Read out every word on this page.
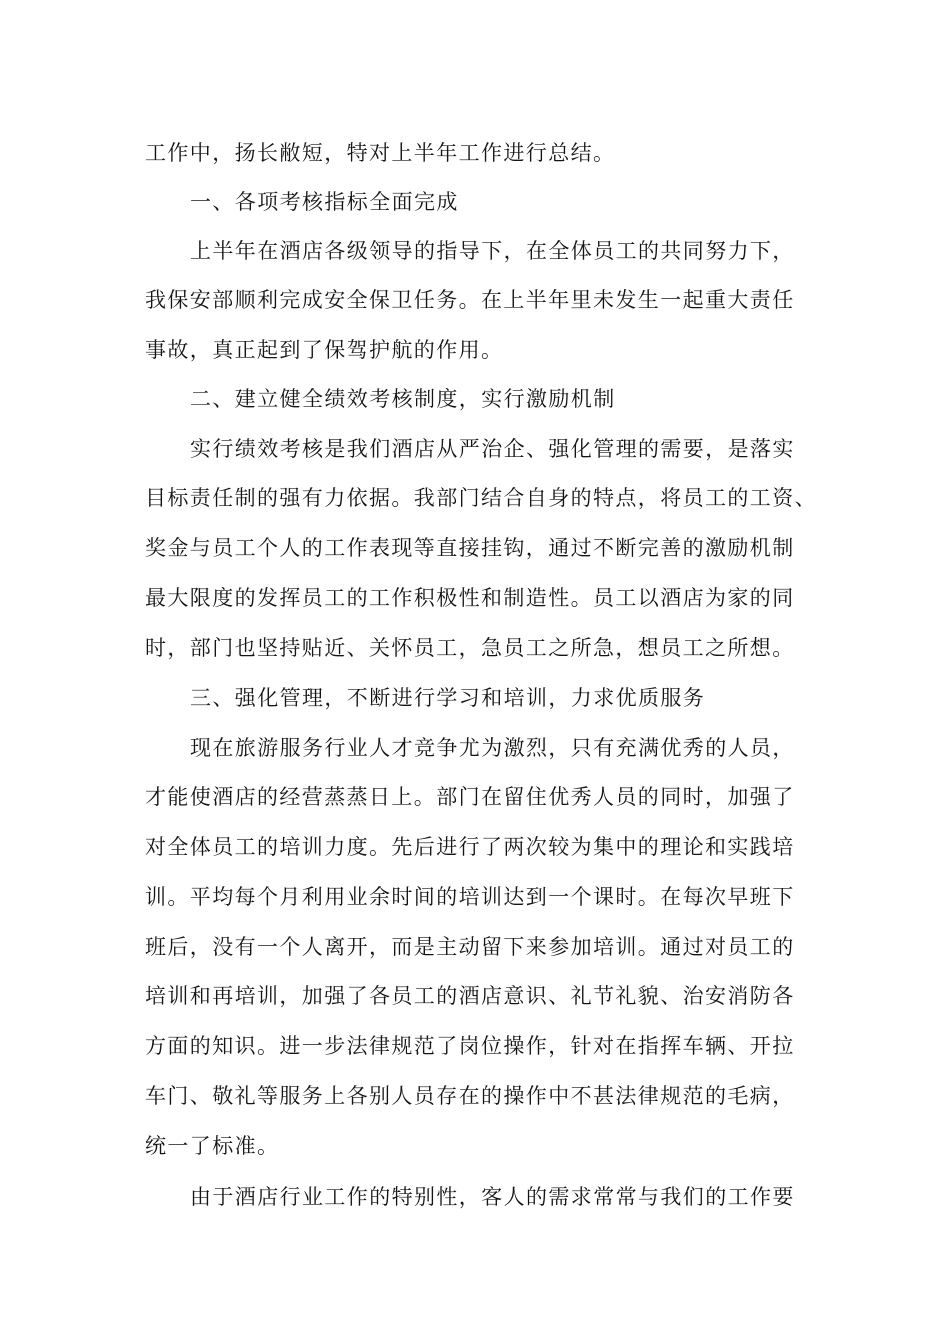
工作中，扬长敝短，特对上半年工作进行总结。
一、各项考核指标全面完成
上半年在酒店各级领导的指导下，在全体员工的共同努力下，
我保安部顺利完成安全保卫任务。在上半年里未发生一起重大责任
事故，真正起到了保驾护航的作用。
二、建立健全绩效考核制度，实行激励机制
实行绩效考核是我们酒店从严治企、强化管理的需要，是落实
目标责任制的强有力依据。我部门结合自身的特点，将员工的工资、
奖金与员工个人的工作表现等直接挂钩，通过不断完善的激励机制
最大限度的发挥员工的工作积极性和制造性。员工以酒店为家的同
时，部门也坚持贴近、关怀员工，急员工之所急，想员工之所想。
三、强化管理，不断进行学习和培训，力求优质服务
现在旅游服务行业人才竞争尤为激烈，只有充满优秀的人员，
才能使酒店的经营蒸蒸日上。部门在留住优秀人员的同时，加强了
对全体员工的培训力度。先后进行了两次较为集中的理论和实践培
训。平均每个月利用业余时间的培训达到一个课时。在每次早班下
班后，没有一个人离开，而是主动留下来参加培训。通过对员工的
培训和再培训，加强了各员工的酒店意识、礼节礼貌、治安消防各
方面的知识。进一步法律规范了岗位操作，针对在指挥车辆、开拉
车门、敬礼等服务上各别人员存在的操作中不甚法律规范的毛病，
统一了标准。
由于酒店行业工作的特别性，客人的需求常常与我们的工作要
